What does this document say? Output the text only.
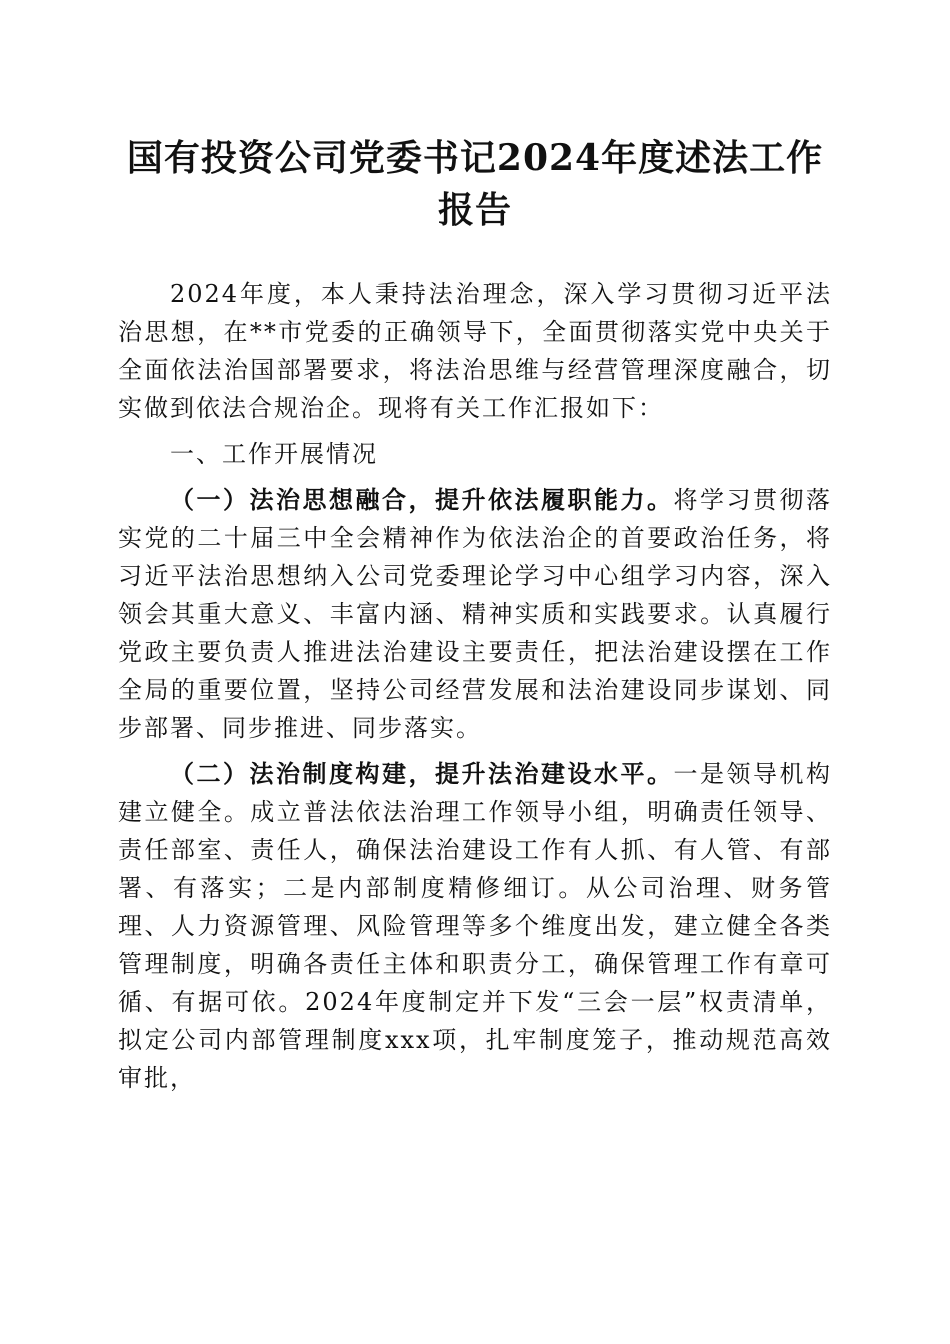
国有投资公司党委书记2024年度述法工作报告

2024年度，本人秉持法治理念，深入学习贯彻习近平法治思想，在**市党委的正确领导下，全面贯彻落实党中央关于全面依法治国部署要求，将法治思维与经营管理深度融合，切实做到依法合规治企。现将有关工作汇报如下：

一、工作开展情况

（一）法治思想融合，提升依法履职能力。将学习贯彻落实党的二十届三中全会精神作为依法治企的首要政治任务，将习近平法治思想纳入公司党委理论学习中心组学习内容，深入领会其重大意义、丰富内涵、精神实质和实践要求。认真履行党政主要负责人推进法治建设主要责任，把法治建设摆在工作全局的重要位置，坚持公司经营发展和法治建设同步谋划、同步部署、同步推进、同步落实。

（二）法治制度构建，提升法治建设水平。一是领导机构建立健全。成立普法依法治理工作领导小组，明确责任领导、责任部室、责任人，确保法治建设工作有人抓、有人管、有部署、有落实；二是内部制度精修细订。从公司治理、财务管理、人力资源管理、风险管理等多个维度出发，建立健全各类管理制度，明确各责任主体和职责分工，确保管理工作有章可循、有据可依。2024年度制定并下发“三会一层”权责清单，拟定公司内部管理制度xxx项，扎牢制度笼子，推动规范高效审批，
